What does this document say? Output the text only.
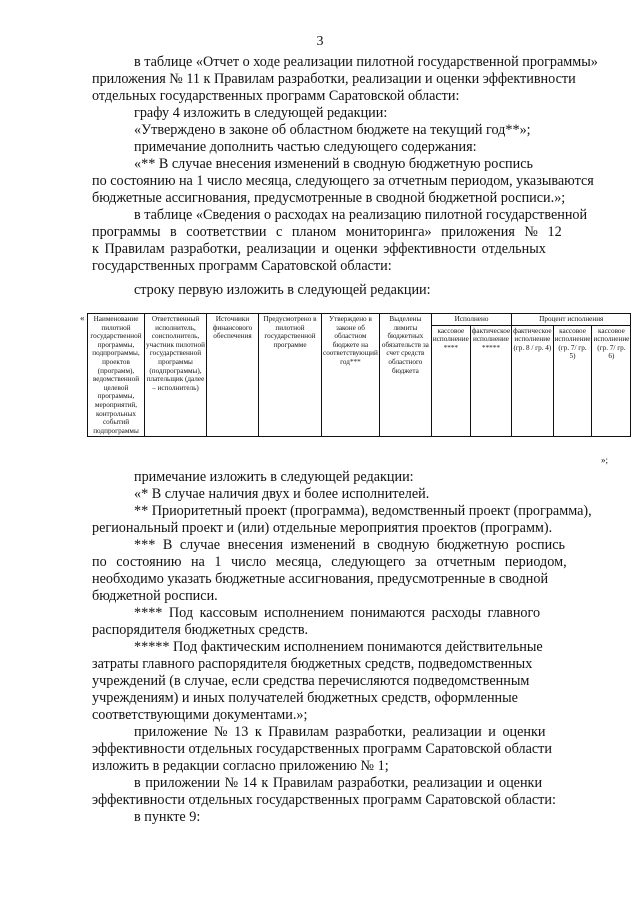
3
в таблице «Отчет о ходе реализации пилотной государственной программы»
приложения № 11 к Правилам разработки, реализации и оценки эффективности
отдельных государственных программ Саратовской области:
графу 4 изложить в следующей редакции:
«Утверждено в законе об областном бюджете на текущий год**»;
примечание дополнить частью следующего содержания:
«** В случае внесения изменений в сводную бюджетную роспись
по состоянию на 1 число месяца, следующего за отчетным периодом, указываются
бюджетные ассигнования, предусмотренные в сводной бюджетной росписи.»;
в таблице «Сведения о расходах на реализацию пилотной государственной
программы в соответствии с планом мониторинга» приложения № 12
к Правилам разработки, реализации и оценки эффективности отдельных
государственных программ Саратовской области:
строку первую изложить в следующей редакции:
« Наименование пилотной государственной программы, подпрограммы, проектов (программ), ведомственной целевой программы, мероприятий, контрольных событий подпрограммы	Ответственный исполнитель, соисполнитель, участник пилотной государственной программы (подпрограммы), плательщик (далее – исполнитель)	Источники финансового обеспечения	Предусмотрено в пилотной государственной программе	Утверждено в законе об областном бюджете на соответствующий год***	Выделены лимиты бюджетных обязательств за счет средств областного бюджета	Исполнено		Процент исполнения		
						кассовое исполнение ****	фактическое исполнение *****	фактическое исполнение (гр. 8 / гр. 4)	кассовое исполнение (гр. 7/ гр. 5)	кассовое исполнение (гр. 7/ гр. 6)
»;
примечание изложить в следующей редакции:
«* В случае наличия двух и более исполнителей.
** Приоритетный проект (программа), ведомственный проект (программа),
региональный проект и (или) отдельные мероприятия проектов (программ).
*** В случае внесения изменений в сводную бюджетную роспись
по состоянию на 1 число месяца, следующего за отчетным периодом,
необходимо указать бюджетные ассигнования, предусмотренные в сводной
бюджетной росписи.
**** Под кассовым исполнением понимаются расходы главного
распорядителя бюджетных средств.
***** Под фактическим исполнением понимаются действительные
затраты главного распорядителя бюджетных средств, подведомственных
учреждений (в случае, если средства перечисляются подведомственным
учреждениям) и иных получателей бюджетных средств, оформленные
соответствующими документами.»;
приложение № 13 к Правилам разработки, реализации и оценки
эффективности отдельных государственных программ Саратовской области
изложить в редакции согласно приложению № 1;
в приложении № 14 к Правилам разработки, реализации и оценки
эффективности отдельных государственных программ Саратовской области:
в пункте 9:
